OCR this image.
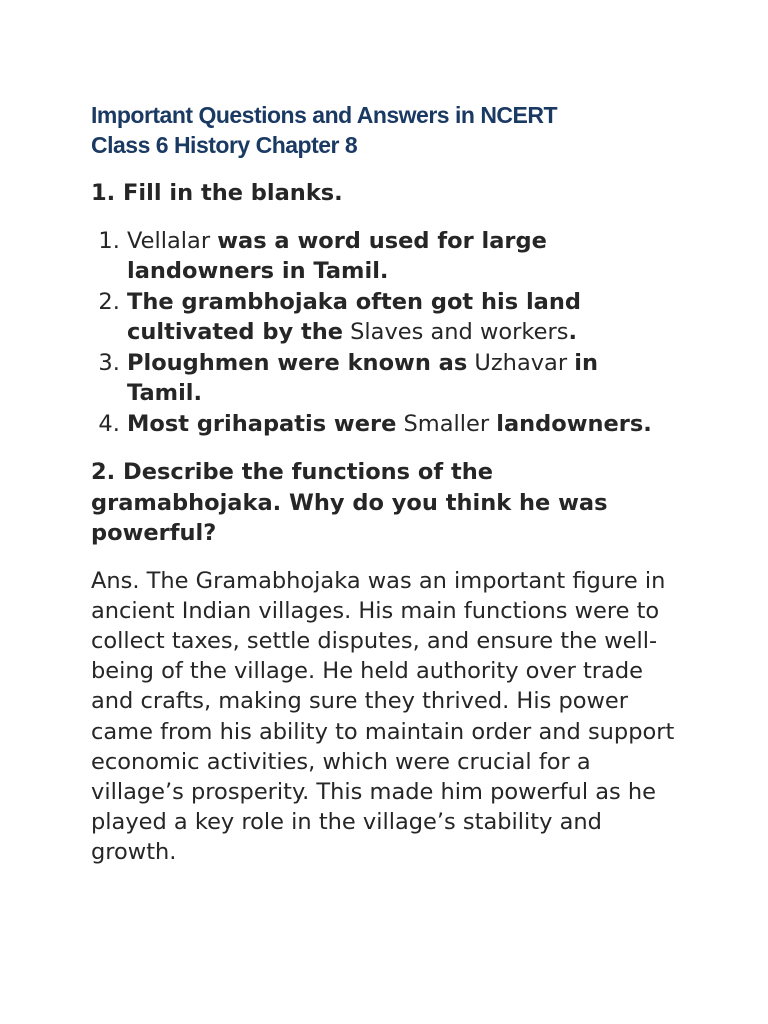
Important Questions and Answers in NCERT
Class 6 History Chapter 8
1. Fill in the blanks.
1. Vellalar was a word used for large landowners in Tamil.
2. The grambhojaka often got his land cultivated by the Slaves and workers.
3. Ploughmen were known as Uzhavar in Tamil.
4. Most grihapatis were Smaller landowners.
2. Describe the functions of the gramabhojaka. Why do you think he was powerful?

Ans. The Gramabhojaka was an important figure in ancient Indian villages. His main functions were to collect taxes, settle disputes, and ensure the well-being of the village. He held authority over trade and crafts, making sure they thrived. His power came from his ability to maintain order and support economic activities, which were crucial for a village’s prosperity. This made him powerful as he played a key role in the village’s stability and growth.
